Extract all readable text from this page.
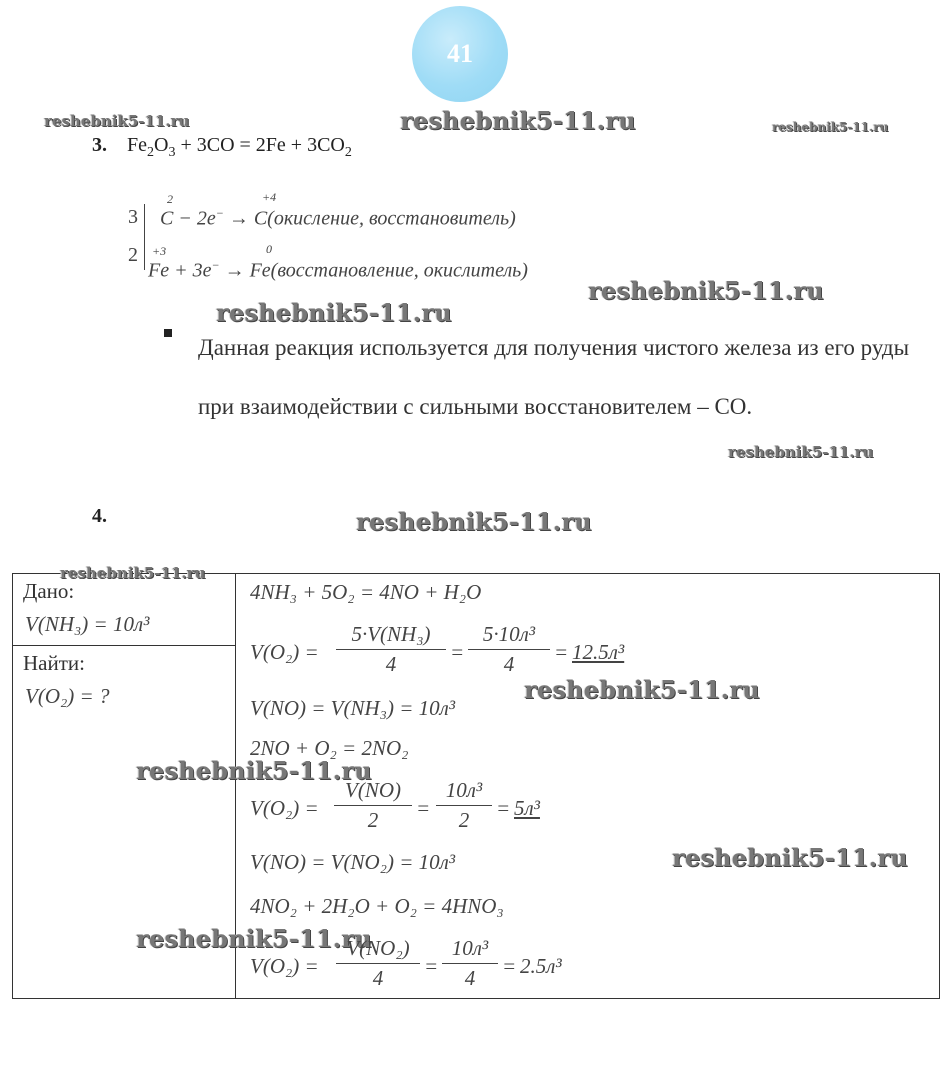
41
reshebnik5-11.ru	reshebnik5-11.ru	reshebnik5-11.ru
3. $Fe_2O_3 + 3CO = 2Fe + 3CO_2$
3
2
2	+4
C − 2e− → C(окисление, восстановитель)
+3	0
Fe + 3e− → Fe(восстановление, окислитель)
reshebnik5-11.ru
reshebnik5-11.ru
Данная реакция используется для получения чистого железа из его руды при взаимодействии с сильными восстановителем – CO.
reshebnik5-11.ru
4.	reshebnik5-11.ru
reshebnik5-11.ru
Дано:
V(NH₃) = 10л³
Найти:
V(O₂) = ?
4NH₃ + 5O₂ = 4NO + H₂O
V(O₂) =
5·V(NH₃)
4	=
5·10л³
4	= 12.5л³
reshebnik5-11.ru
V(NO) = V(NH₃) = 10л³
2NO + O₂ = 2NO₂
reshebnik5-11.ru
V(O₂) =
V(NO)
2	=
10л³
2	= 5л³
V(NO) = V(NO₂) = 10л³	reshebnik5-11.ru
4NO₂ + 2H₂O + O₂ = 4HNO₃
reshebnik5-11.ru
V(O₂) =
V(NO₂)
4	=
10л³
4	= 2.5л³
